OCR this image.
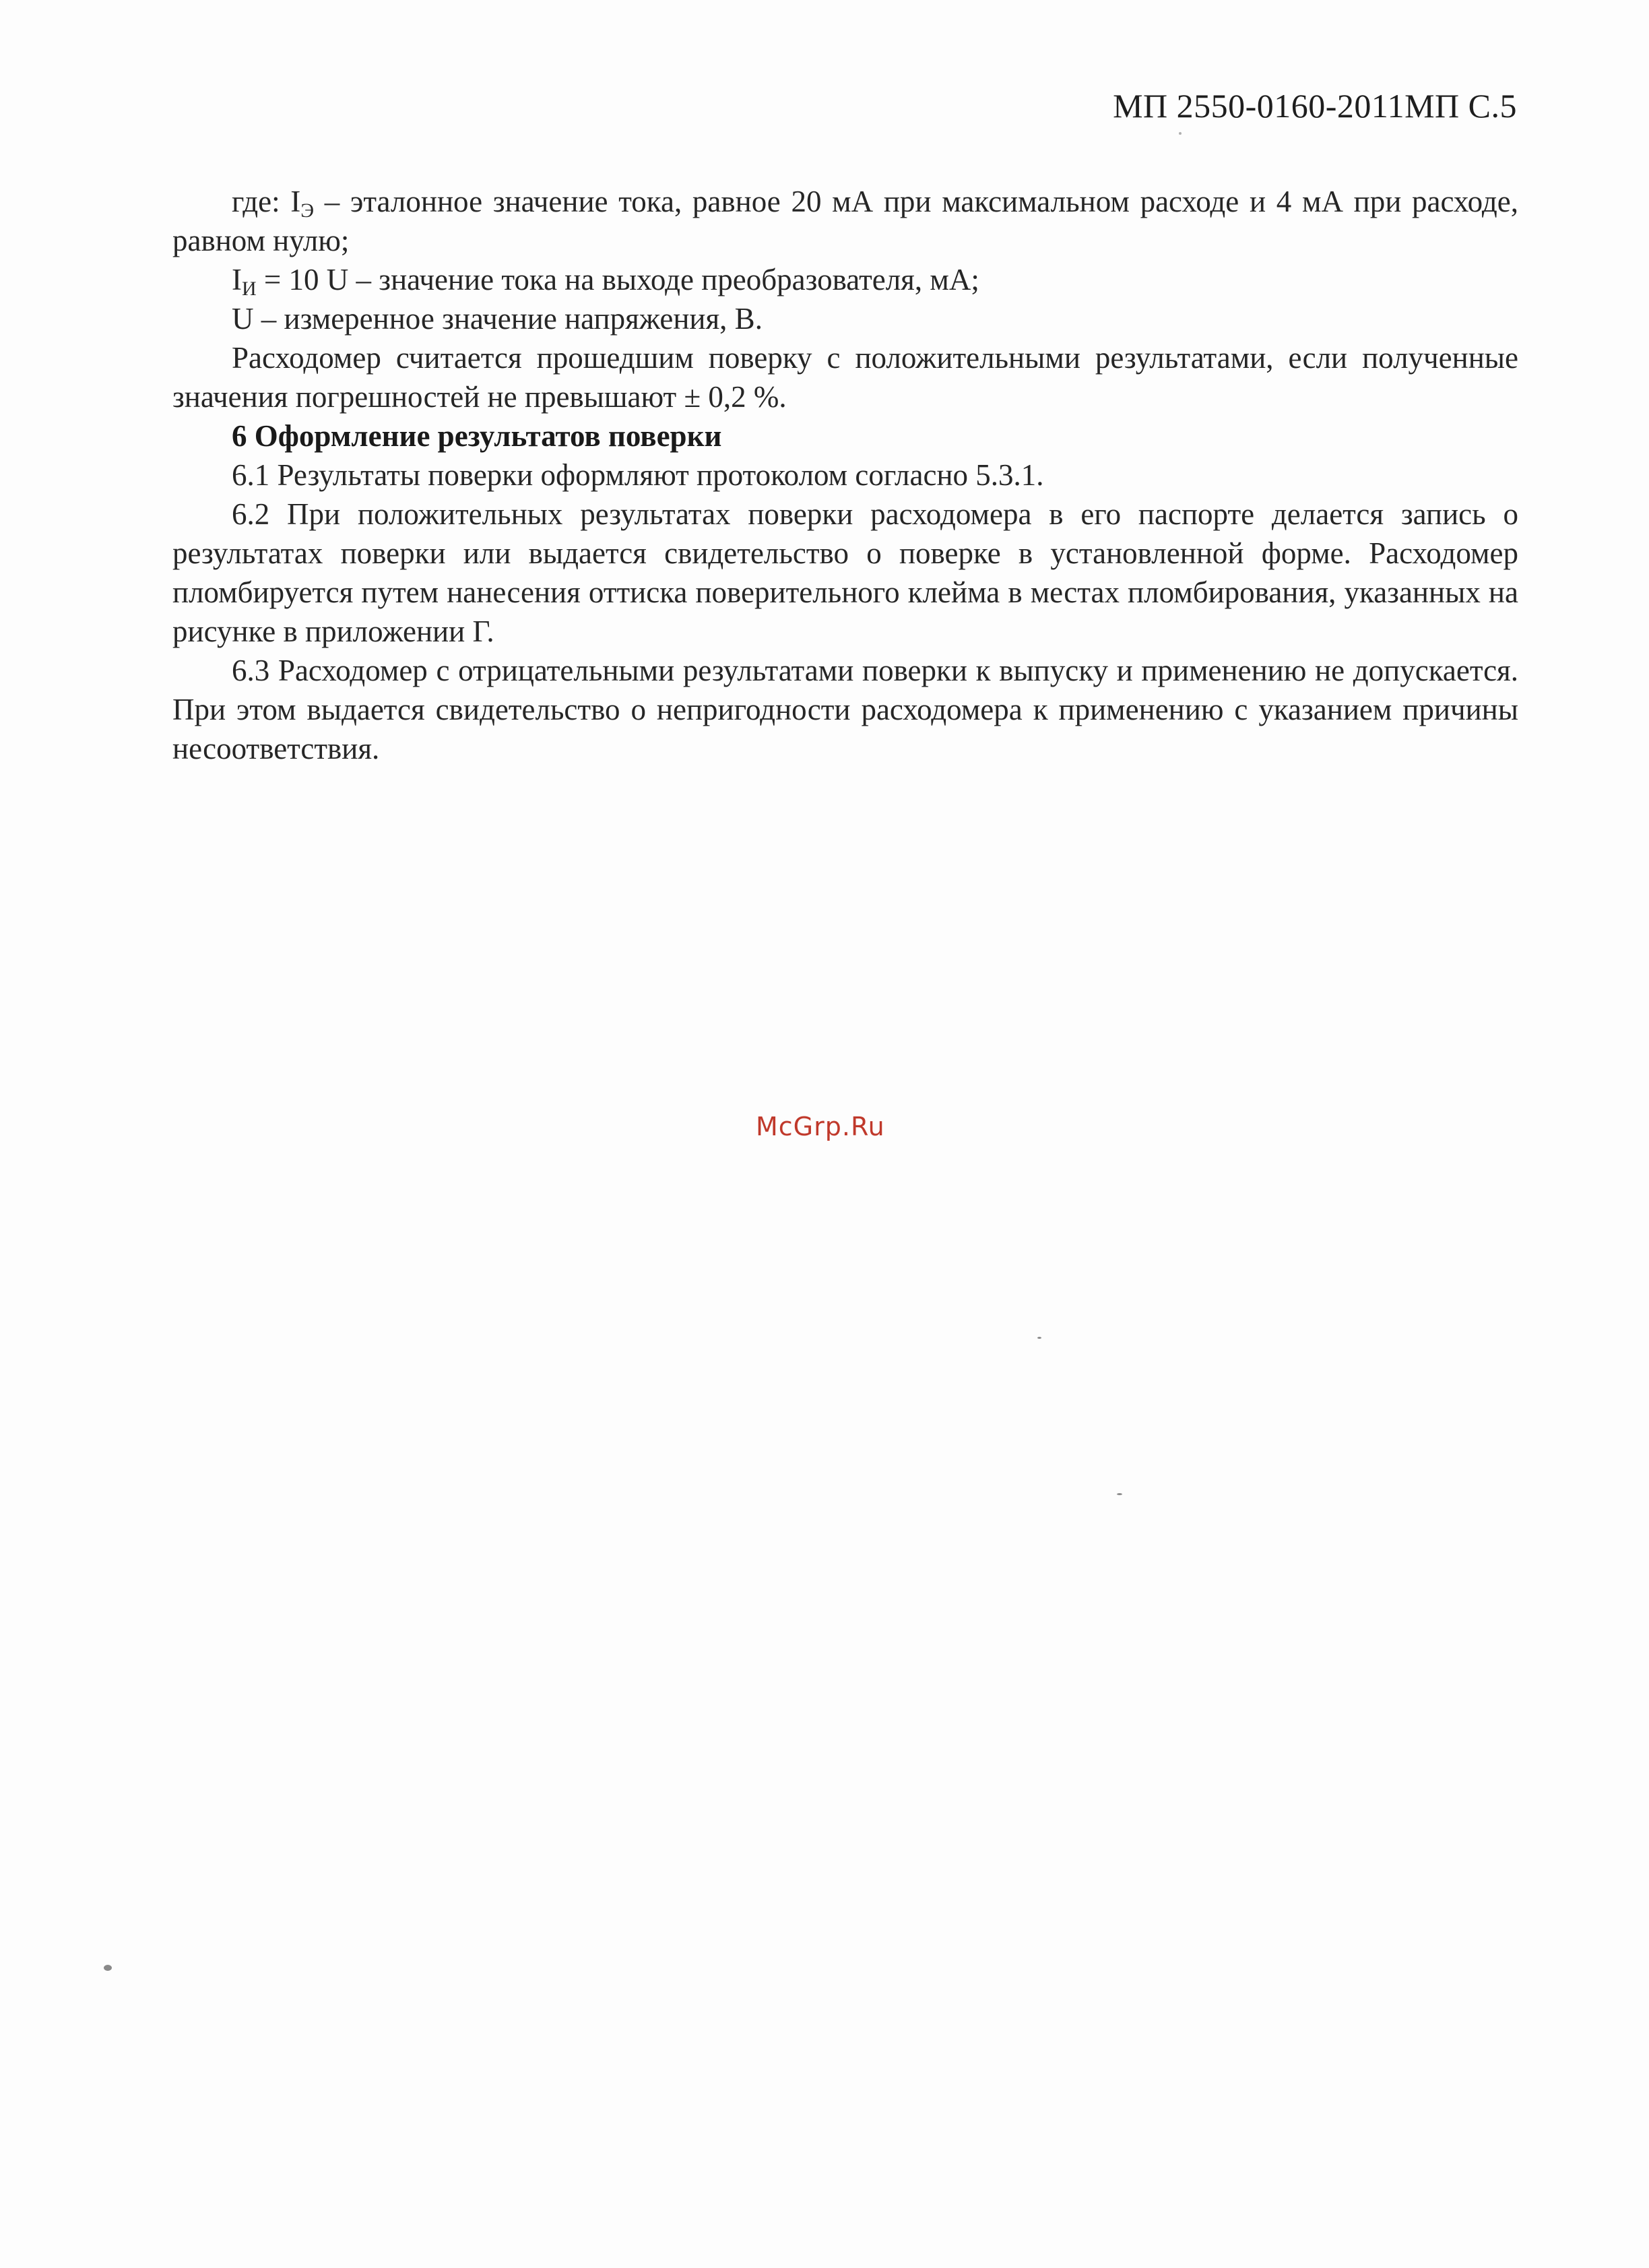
МП 2550-0160-2011МП С.5

где: $I_Э$ – эталонное значение тока, равное 20 мА при максимальном расходе и 4 мА при расходе, равном нулю;

$I_И = 10$ U – значение тока на выходе преобразователя, мА;

U – измеренное значение напряжения, В.

Расходомер считается прошедшим поверку с положительными результатами, если полученные значения погрешностей не превышают ± 0,2 %.

6 Оформление результатов поверки

6.1 Результаты поверки оформляют протоколом согласно 5.3.1.

6.2 При положительных результатах поверки расходомера в его паспорте делается запись о результатах поверки или выдается свидетельство о поверке в установленной форме. Расходомер пломбируется путем нанесения оттиска поверительного клейма в местах пломбирования, указанных на рисунке в приложении Г.

6.3 Расходомер с отрицательными результатами поверки к выпуску и применению не допускается. При этом выдается свидетельство о непригодности расходомера к применению с указанием причины несоответствия.

McGrp.Ru
